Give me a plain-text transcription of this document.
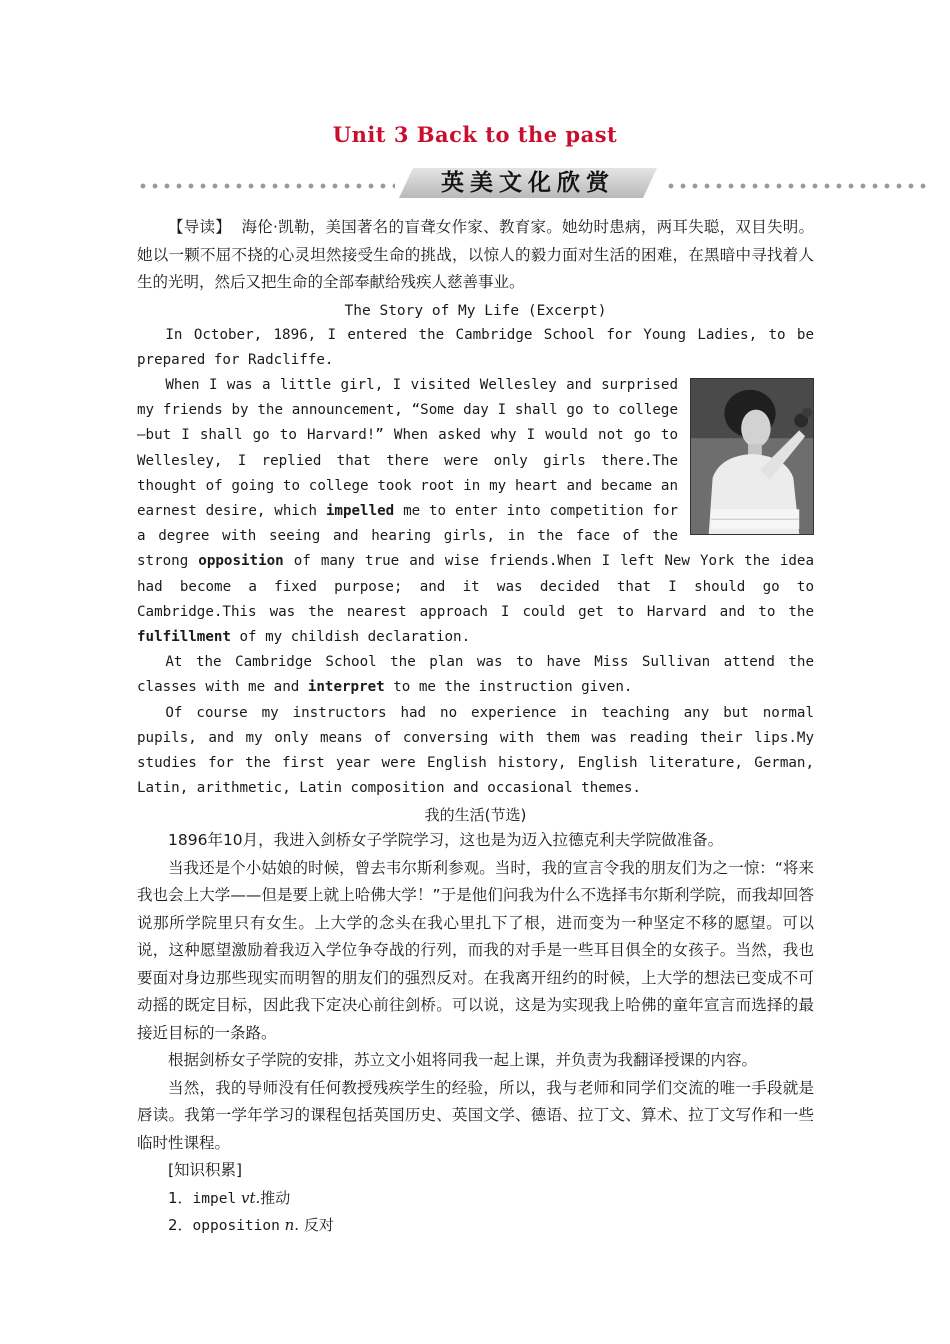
Unit 3 Back to the past
英美文化欣赏

【导读】 海伦·凯勒，美国著名的盲聋女作家、教育家。她幼时患病，两耳失聪，双目失明。她以一颗不屈不挠的心灵坦然接受生命的挑战，以惊人的毅力面对生活的困难，在黑暗中寻找着人生的光明，然后又把生命的全部奉献给残疾人慈善事业。

The Story of My Life (Excerpt)

In October, 1896, I entered the Cambridge School for Young Ladies, to be prepared for Radcliffe.

When I was a little girl, I visited Wellesley and surprised my friends by the announcement, “Some day I shall go to college—but I shall go to Harvard!” When asked why I would not go to Wellesley, I replied that there were only girls there.The thought of going to college took root in my heart and became an earnest desire, which impelled me to enter into competition for a degree with seeing and hearing girls, in the face of the strong opposition of many true and wise friends.When I left New York the idea had become a fixed purpose; and it was decided that I should go to Cambridge.This was the nearest approach I could get to Harvard and to the fulfillment of my childish declaration.

At the Cambridge School the plan was to have Miss Sullivan attend the classes with me and interpret to me the instruction given.

Of course my instructors had no experience in teaching any but normal pupils, and my only means of conversing with them was reading their lips.My studies for the first year were English history, English literature, German, Latin, arithmetic, Latin composition and occasional themes.

我的生活(节选)

1896年10月，我进入剑桥女子学院学习，这也是为迈入拉德克利夫学院做准备。

当我还是个小姑娘的时候，曾去韦尔斯利参观。当时，我的宣言令我的朋友们为之一惊：“将来我也会上大学——但是要上就上哈佛大学！”于是他们问我为什么不选择韦尔斯利学院，而我却回答说那所学院里只有女生。上大学的念头在我心里扎下了根，进而变为一种坚定不移的愿望。可以说，这种愿望激励着我迈入学位争夺战的行列，而我的对手是一些耳目俱全的女孩子。当然，我也要面对身边那些现实而明智的朋友们的强烈反对。在我离开纽约的时候，上大学的想法已变成不可动摇的既定目标，因此我下定决心前往剑桥。可以说，这是为实现我上哈佛的童年宣言而选择的最接近目标的一条路。

根据剑桥女子学院的安排，苏立文小姐将同我一起上课，并负责为我翻译授课的内容。

当然，我的导师没有任何教授残疾学生的经验，所以，我与老师和同学们交流的唯一手段就是唇读。我第一学年学习的课程包括英国历史、英国文学、德语、拉丁文、算术、拉丁文写作和一些临时性课程。

[知识积累]

1．impel vt.推动
2．opposition n. 反对
